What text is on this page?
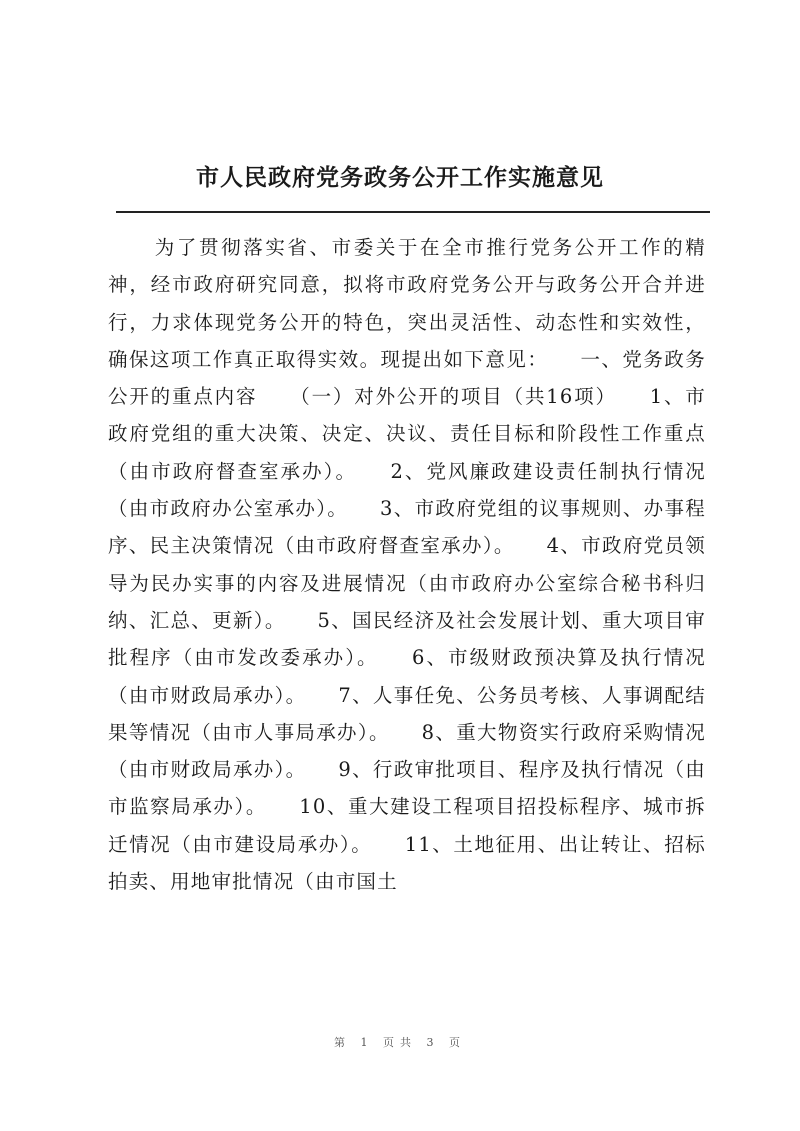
市人民政府党务政务公开工作实施意见

为了贯彻落实省、市委关于在全市推行党务公开工作的精神，经市政府研究同意，拟将市政府党务公开与政务公开合并进行，力求体现党务公开的特色，突出灵活性、动态性和实效性，确保这项工作真正取得实效。现提出如下意见：　　一、党务政务公开的重点内容　　（一）对外公开的项目（共16项）　　1、市政府党组的重大决策、决定、决议、责任目标和阶段性工作重点（由市政府督查室承办）。　　2、党风廉政建设责任制执行情况（由市政府办公室承办）。　　3、市政府党组的议事规则、办事程序、民主决策情况（由市政府督查室承办）。　　4、市政府党员领导为民办实事的内容及进展情况（由市政府办公室综合秘书科归纳、汇总、更新）。　　5、国民经济及社会发展计划、重大项目审批程序（由市发改委承办）。　　6、市级财政预决算及执行情况（由市财政局承办）。　　7、人事任免、公务员考核、人事调配结果等情况（由市人事局承办）。　　8、重大物资实行政府采购情况（由市财政局承办）。　　9、行政审批项目、程序及执行情况（由市监察局承办）。　　10、重大建设工程项目招投标程序、城市拆迁情况（由市建设局承办）。　　11、土地征用、出让转让、招标拍卖、用地审批情况（由市国土

第 1 页共 3 页
